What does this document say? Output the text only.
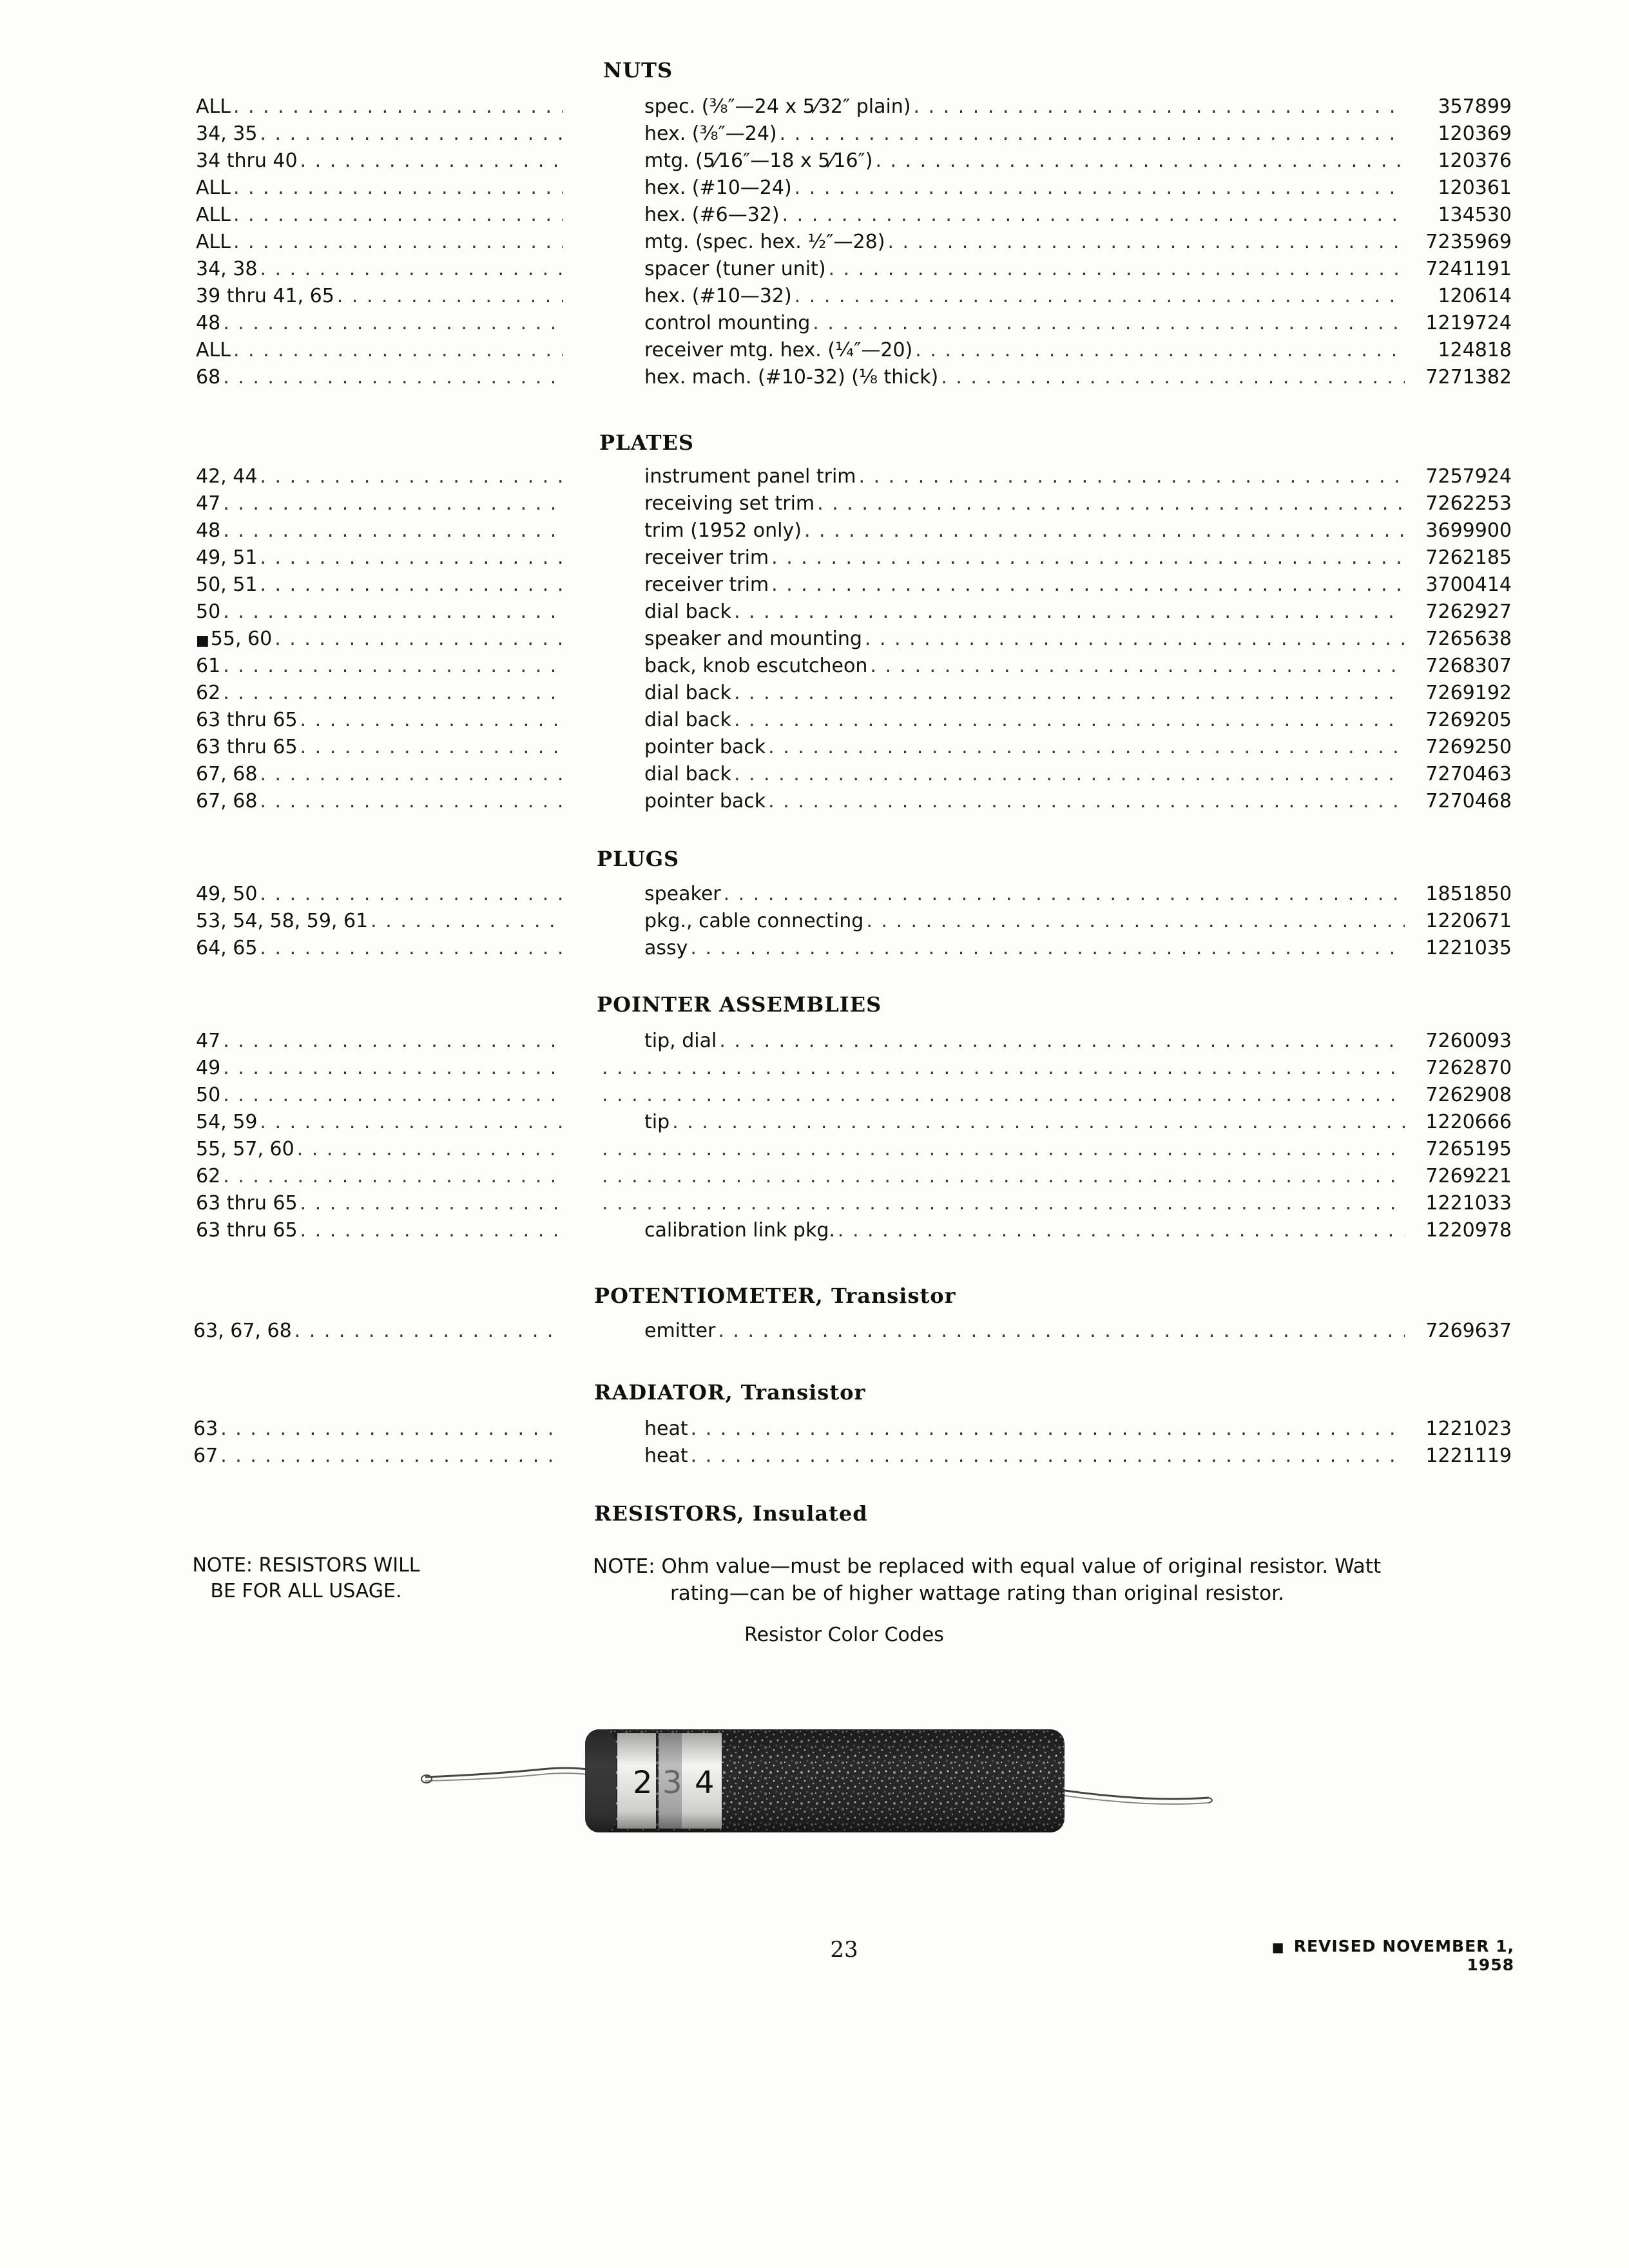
NUTS
ALL . . .	spec. (⅜″—24 x 5⁄32″ plain) . . .	357899
34, 35 . . .	hex. (⅜″—24) . . .	120369
34 thru 40 . . .	mtg. (5⁄16″—18 x 5⁄16″) . . .	120376
ALL . . .	hex. (#10—24) . . .	120361
ALL . . .	hex. (#6—32) . . .	134530
ALL . . .	mtg. (spec. hex. ½″—28) . . .	7235969
34, 38 . . .	spacer (tuner unit) . . .	7241191
39 thru 41, 65 . . .	hex. (#10—32) . . .	120614
48 . . .	control mounting . . .	1219724
ALL . . .	receiver mtg. hex. (¼″—20) . . .	124818
68 . . .	hex. mach. (#10-32) (⅛ thick) . . .	7271382
PLATES
42, 44 . . .	instrument panel trim . . .	7257924
47 . . .	receiving set trim . . .	7262253
48 . . .	trim (1952 only) . . .	3699900
49, 51 . . .	receiver trim . . .	7262185
50, 51 . . .	receiver trim . . .	3700414
50 . . .	dial back . . .	7262927
■ 55, 60 . . .	speaker and mounting . . .	7265638
61 . . .	back, knob escutcheon . . .	7268307
62 . . .	dial back . . .	7269192
63 thru 65 . . .	dial back . . .	7269205
63 thru 65 . . .	pointer back . . .	7269250
67, 68 . . .	dial back . . .	7270463
67, 68 . . .	pointer back . . .	7270468
PLUGS
49, 50 . . .	speaker . . .	1851850
53, 54, 58, 59, 61 . . .	pkg., cable connecting . . .	1220671
64, 65 . . .	assy . . .	1221035
POINTER ASSEMBLIES
47 . . .	tip, dial . . .	7260093
49 . . . . . .	7262870
50 . . . . . .	7262908
54, 59 . . .	tip . . .	1220666
55, 57, 60 . . . . . .	7265195
62 . . . . . .	7269221
63 thru 65 . . . . . .	1221033
63 thru 65 . . .	calibration link pkg. . . .	1220978
POTENTIOMETER, Transistor
63, 67, 68 . . .	emitter . . .	7269637
RADIATOR, Transistor
63 . . .	heat . . .	1221023
67 . . .	heat . . .	1221119
RESISTORS, Insulated
NOTE: RESISTORS WILL
BE FOR ALL USAGE.
NOTE: Ohm value—must be replaced with equal value of original resistor. Watt
rating—can be of higher wattage rating than original resistor.
Resistor Color Codes
2 3 4
23	■ REVISED NOVEMBER 1, 1958
